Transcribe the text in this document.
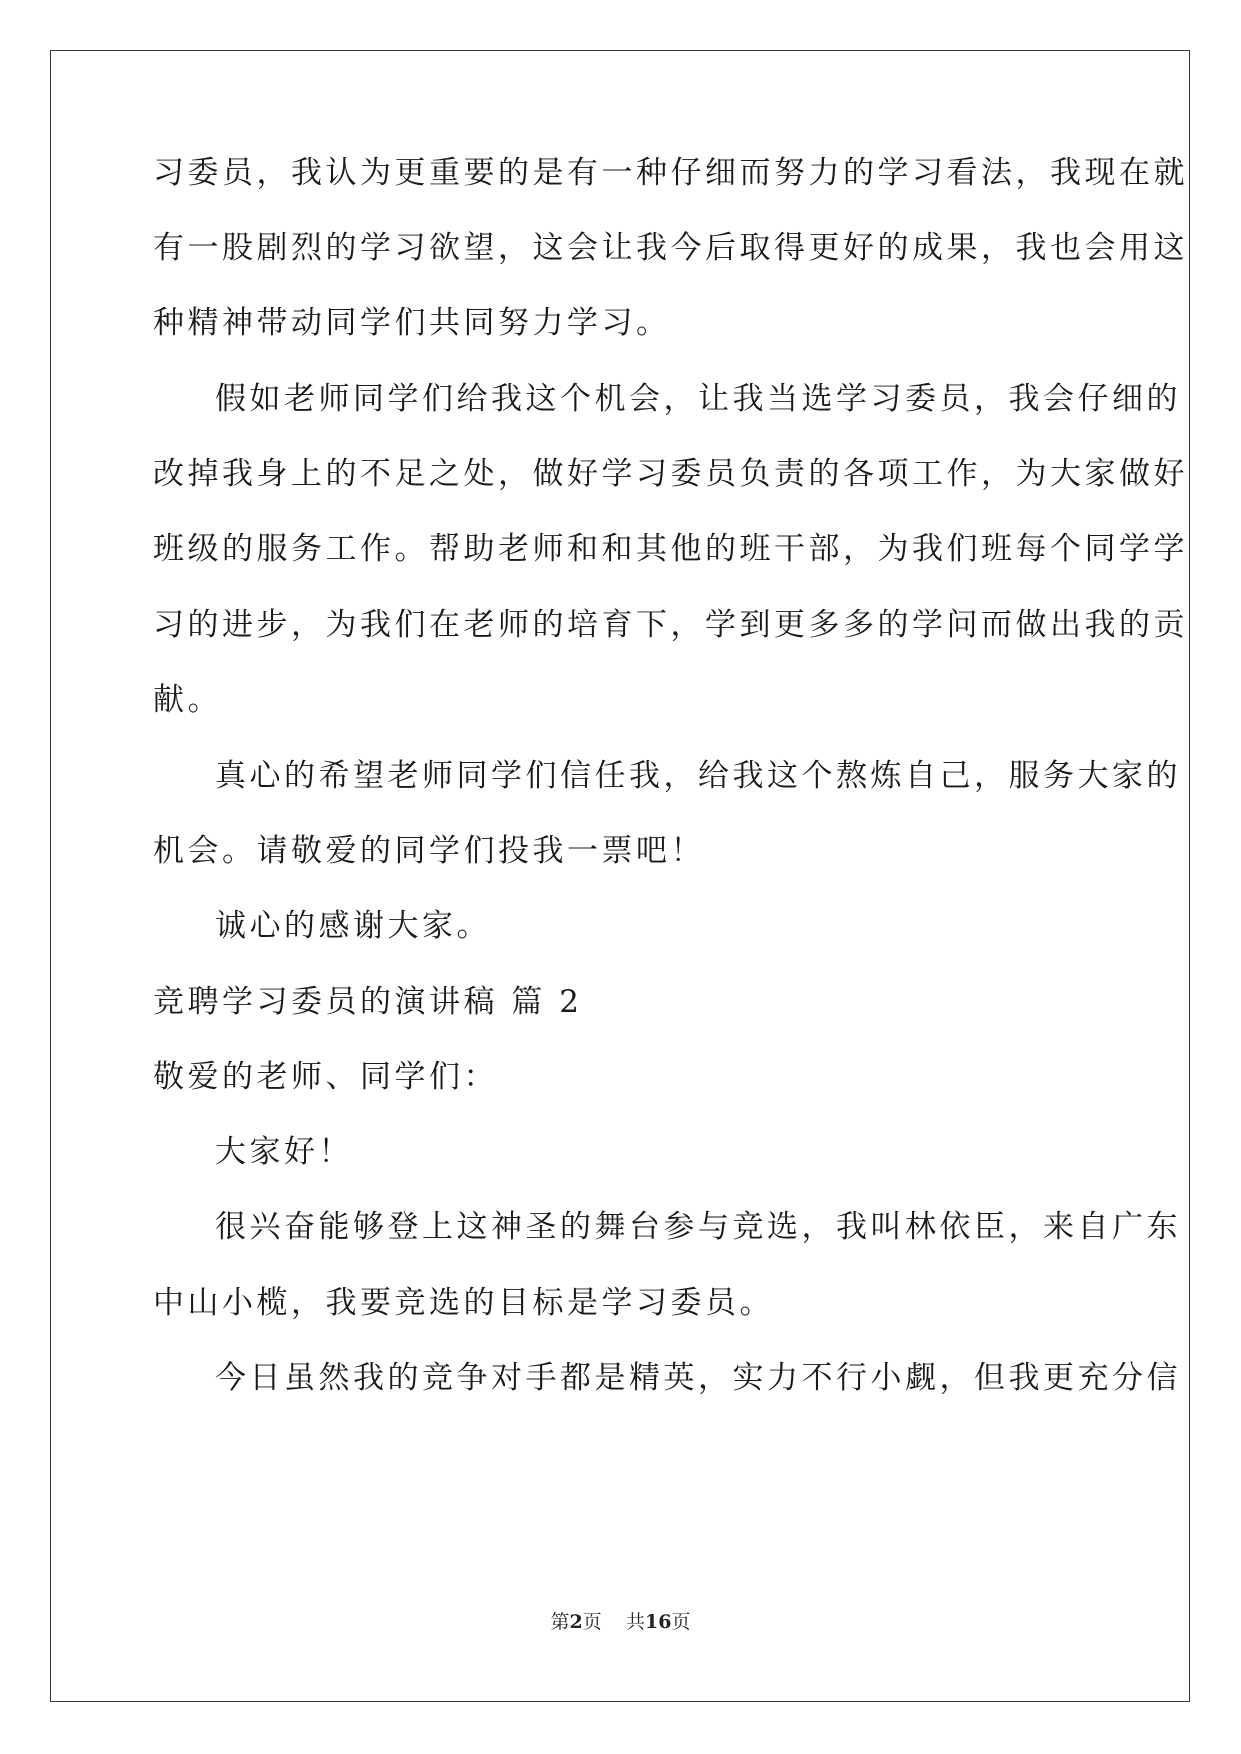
习委员，我认为更重要的是有一种仔细而努力的学习看法，我现在就
有一股剧烈的学习欲望，这会让我今后取得更好的成果，我也会用这
种精神带动同学们共同努力学习。
假如老师同学们给我这个机会，让我当选学习委员，我会仔细的
改掉我身上的不足之处，做好学习委员负责的各项工作，为大家做好
班级的服务工作。帮助老师和和其他的班干部，为我们班每个同学学
习的进步，为我们在老师的培育下，学到更多多的学问而做出我的贡
献。
真心的希望老师同学们信任我，给我这个熬炼自己，服务大家的
机会。请敬爱的同学们投我一票吧！
诚心的感谢大家。
竞聘学习委员的演讲稿 篇 2
敬爱的老师、同学们：
大家好！
很兴奋能够登上这神圣的舞台参与竞选，我叫林依臣，来自广东
中山小榄，我要竞选的目标是学习委员。
今日虽然我的竞争对手都是精英，实力不行小觑，但我更充分信
第2页 共16页
